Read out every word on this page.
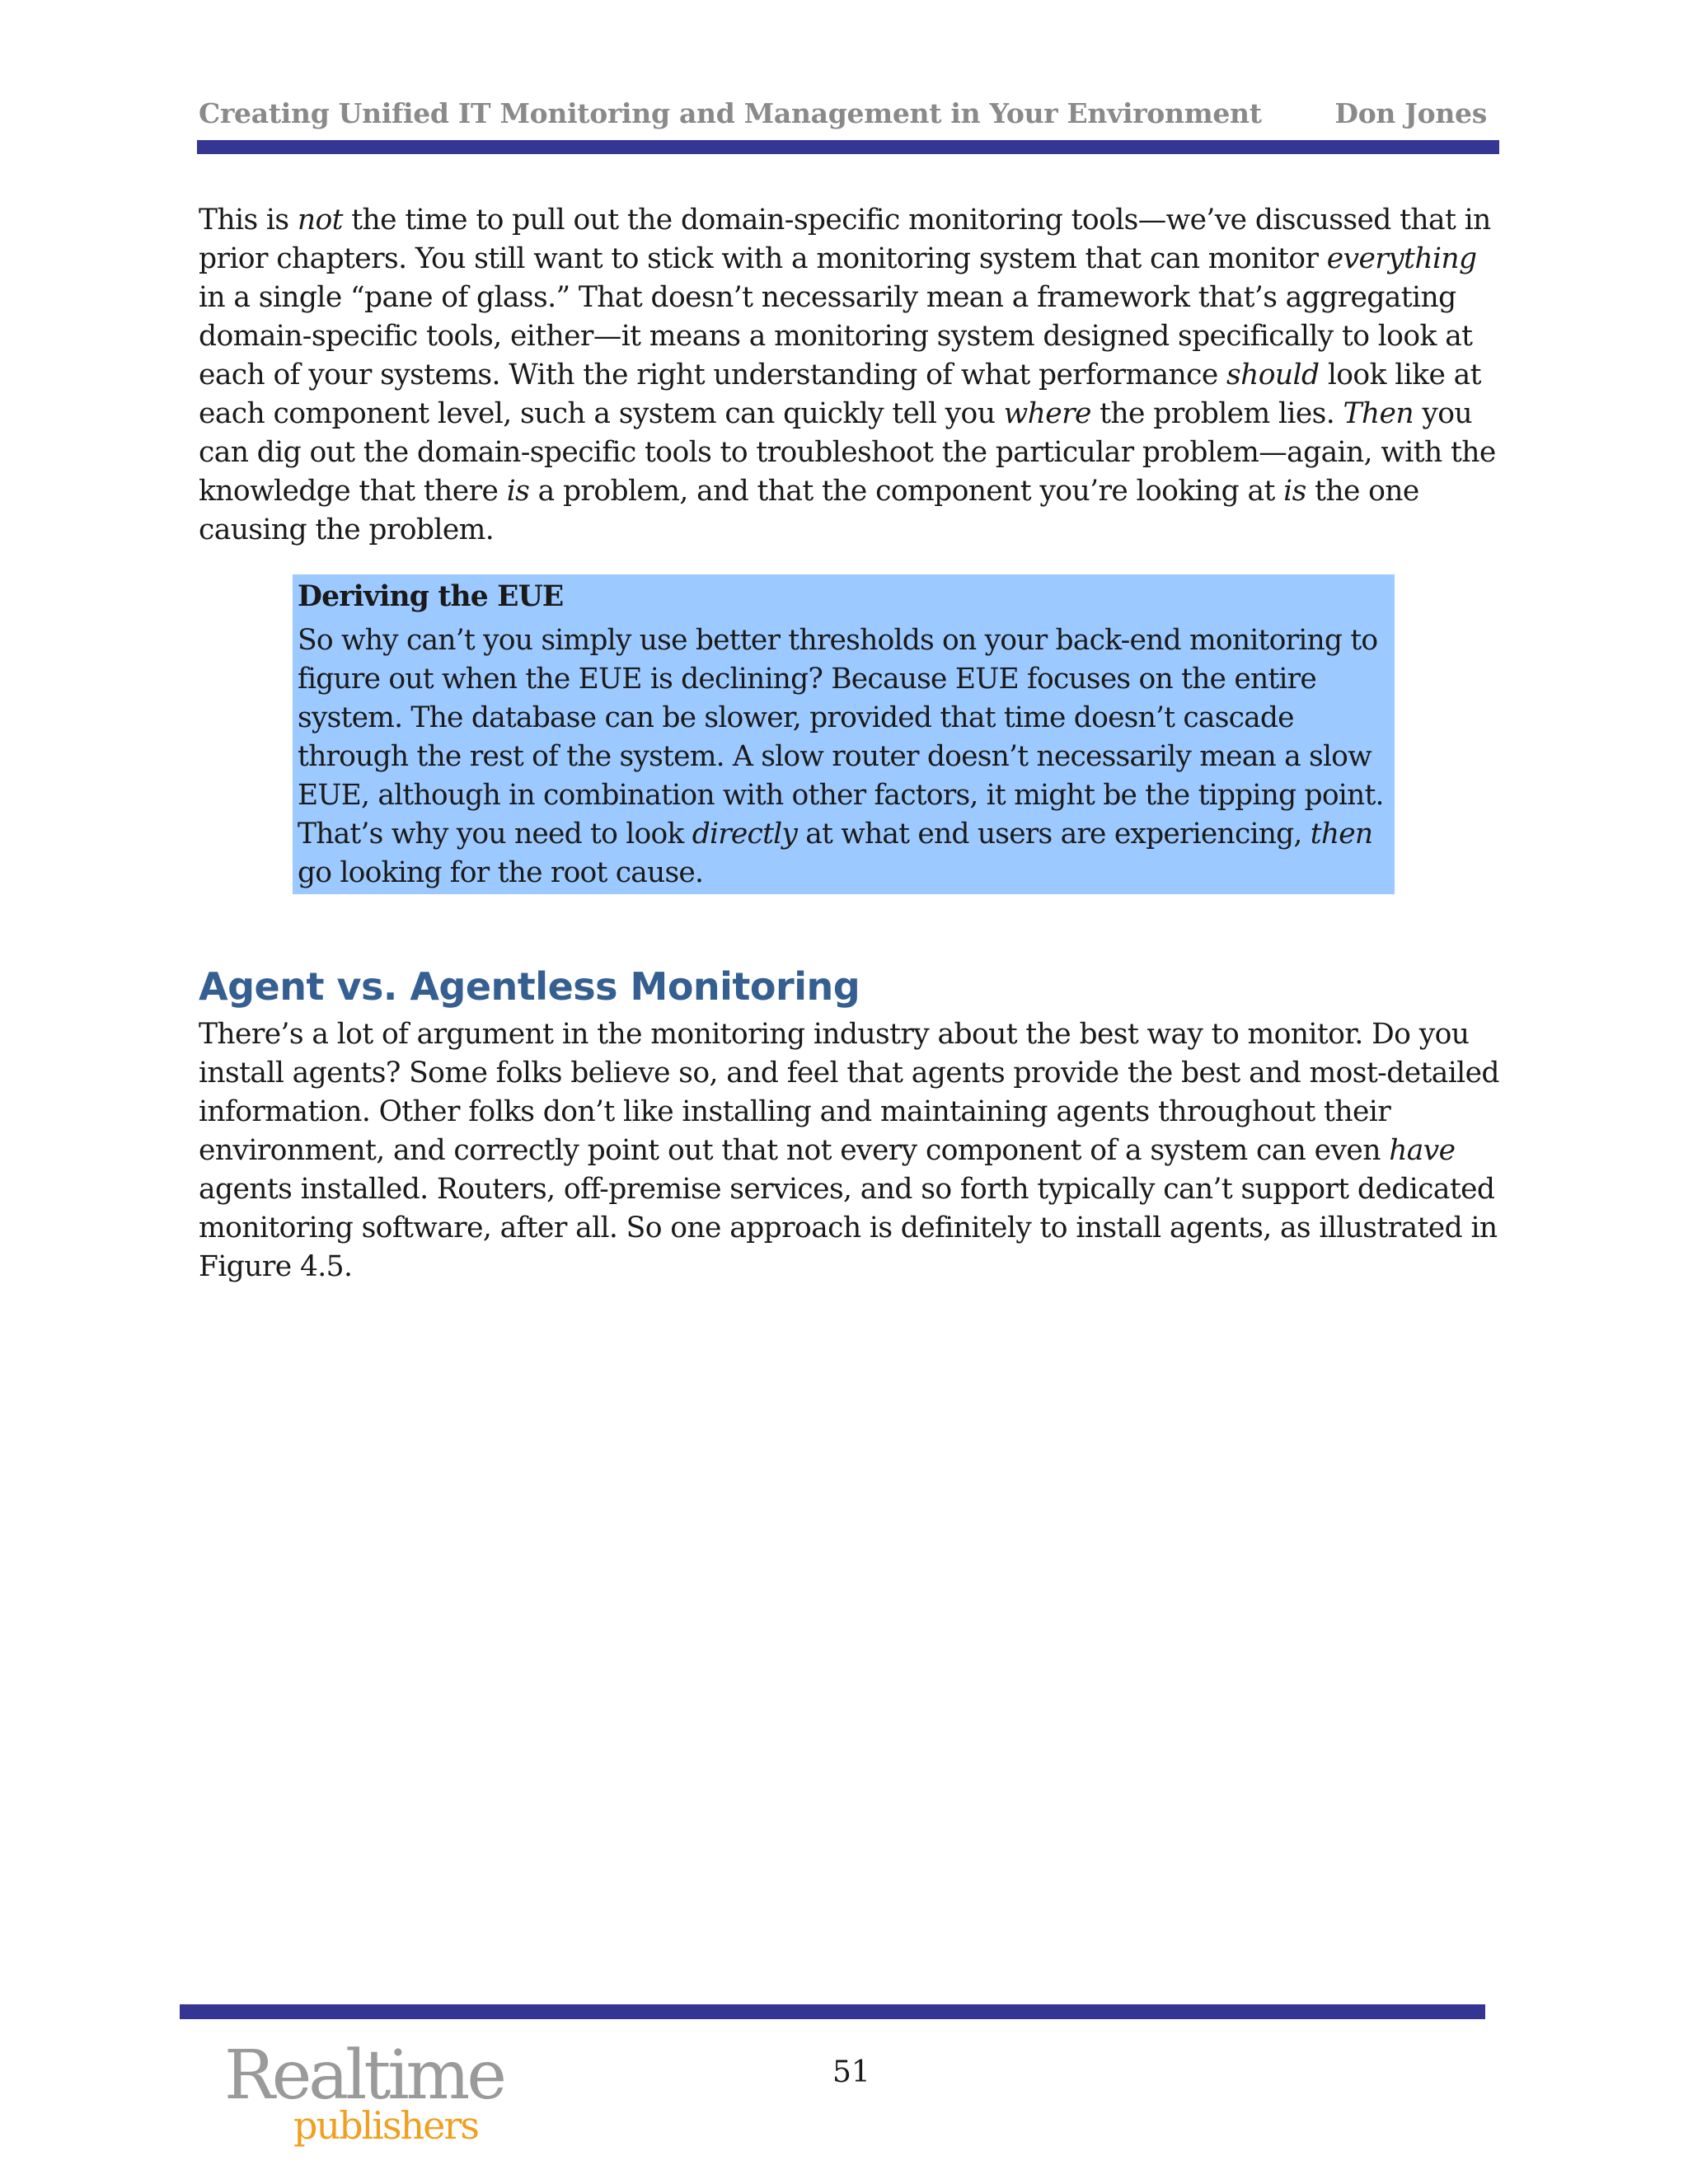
Creating Unified IT Monitoring and Management in Your Environment	Don Jones

This is not the time to pull out the domain-specific monitoring tools—we’ve discussed that in prior chapters. You still want to stick with a monitoring system that can monitor everything in a single “pane of glass.” That doesn’t necessarily mean a framework that’s aggregating domain-specific tools, either—it means a monitoring system designed specifically to look at each of your systems. With the right understanding of what performance should look like at each component level, such a system can quickly tell you where the problem lies. Then you can dig out the domain-specific tools to troubleshoot the particular problem—again, with the knowledge that there is a problem, and that the component you’re looking at is the one causing the problem.

Deriving the EUE

So why can’t you simply use better thresholds on your back-end monitoring to figure out when the EUE is declining? Because EUE focuses on the entire system. The database can be slower, provided that time doesn’t cascade through the rest of the system. A slow router doesn’t necessarily mean a slow EUE, although in combination with other factors, it might be the tipping point. That’s why you need to look directly at what end users are experiencing, then go looking for the root cause.

Agent vs. Agentless Monitoring

There’s a lot of argument in the monitoring industry about the best way to monitor. Do you install agents? Some folks believe so, and feel that agents provide the best and most-detailed information. Other folks don’t like installing and maintaining agents throughout their environment, and correctly point out that not every component of a system can even have agents installed. Routers, off-premise services, and so forth typically can’t support dedicated monitoring software, after all. So one approach is definitely to install agents, as illustrated in Figure 4.5.

Realtime
publishers
51
